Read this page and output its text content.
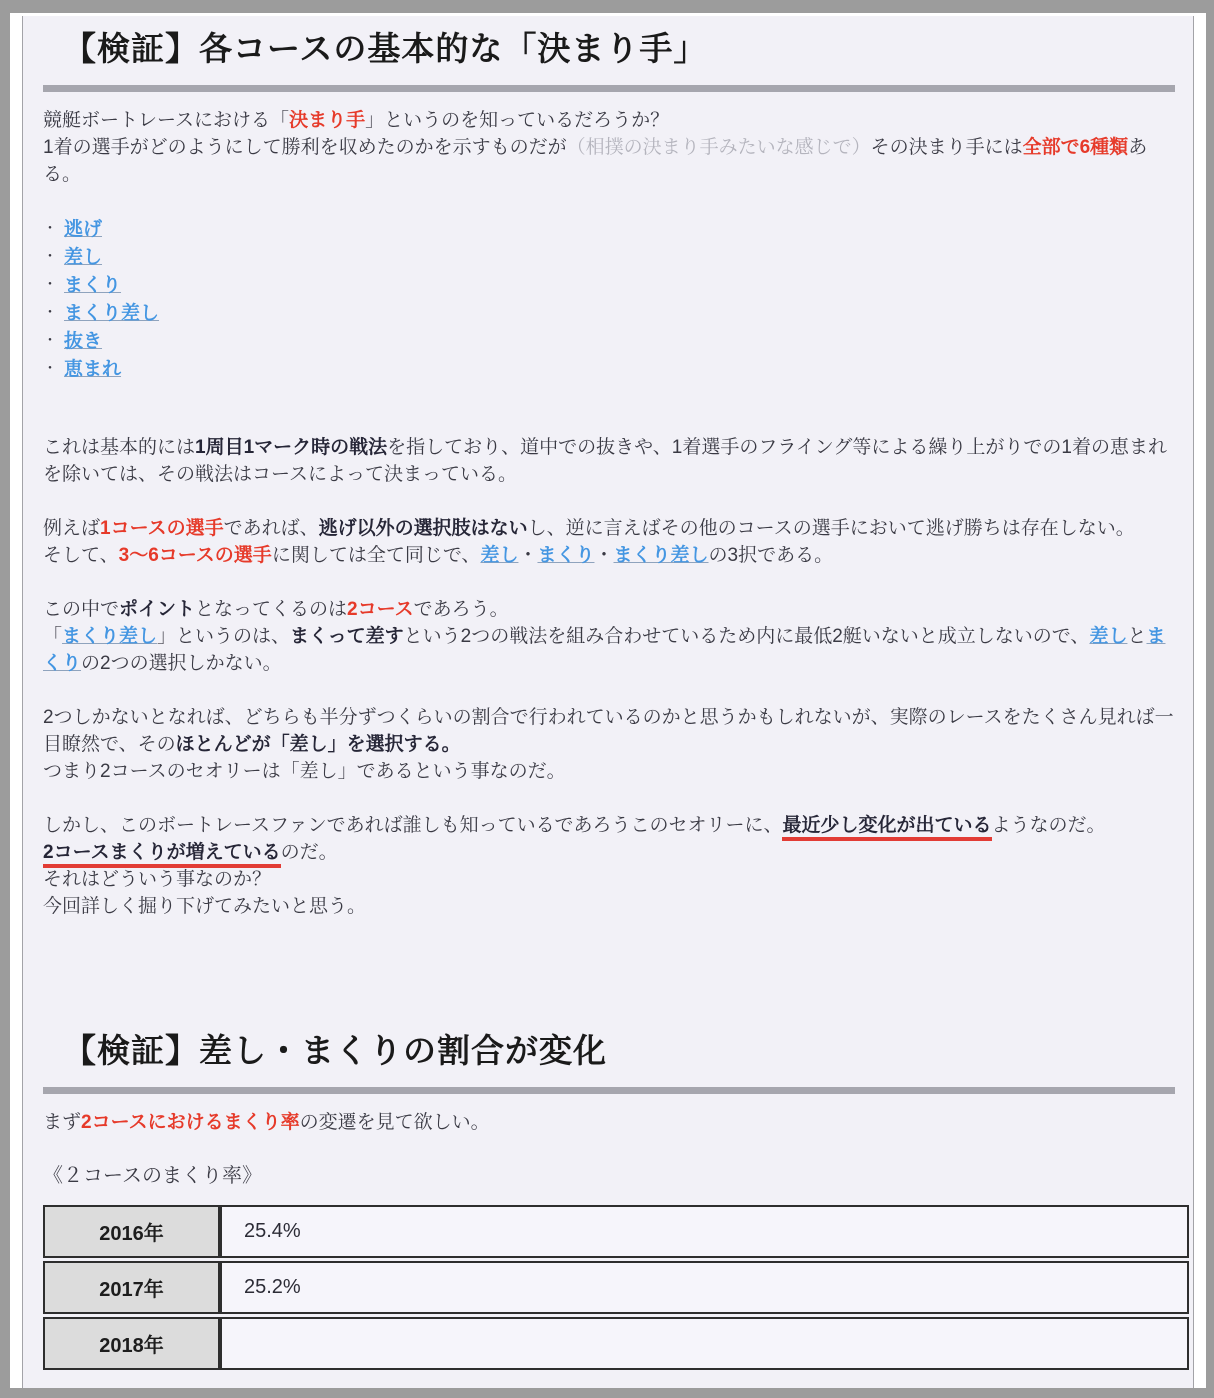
【検証】各コースの基本的な「決まり手」

競艇ボートレースにおける「決まり手」というのを知っているだろうか？
1着の選手がどのようにして勝利を収めたのかを示すものだが（相撲の決まり手みたいな感じで）その決まり手には全部で6種類ある。

・ 逃げ
・ 差し
・ まくり
・ まくり差し
・ 抜き
・ 恵まれ

これは基本的には1周目1マーク時の戦法を指しており、道中での抜きや、1着選手のフライング等による繰り上がりでの1着の恵まれを除いては、その戦法はコースによって決まっている。

例えば1コースの選手であれば、逃げ以外の選択肢はないし、逆に言えばその他のコースの選手において逃げ勝ちは存在しない。
そして、3〜6コースの選手に関しては全て同じで、差し・まくり・まくり差しの3択である。

この中でポイントとなってくるのは2コースであろう。
「まくり差し」というのは、まくって差すという2つの戦法を組み合わせているため内に最低2艇いないと成立しないので、差しとまくりの2つの選択しかない。

2つしかないとなれば、どちらも半分ずつくらいの割合で行われているのかと思うかもしれないが、実際のレースをたくさん見れば一目瞭然で、そのほとんどが「差し」を選択する。
つまり2コースのセオリーは「差し」であるという事なのだ。

しかし、このボートレースファンであれば誰しも知っているであろうこのセオリーに、最近少し変化が出ているようなのだ。
2コースまくりが増えているのだ。
それはどういう事なのか？
今回詳しく掘り下げてみたいと思う。

【検証】差し・まくりの割合が変化

まず2コースにおけるまくり率の変遷を見て欲しい。

《２コースのまくり率》

2016年	25.4%
2017年	25.2%
2018年	
